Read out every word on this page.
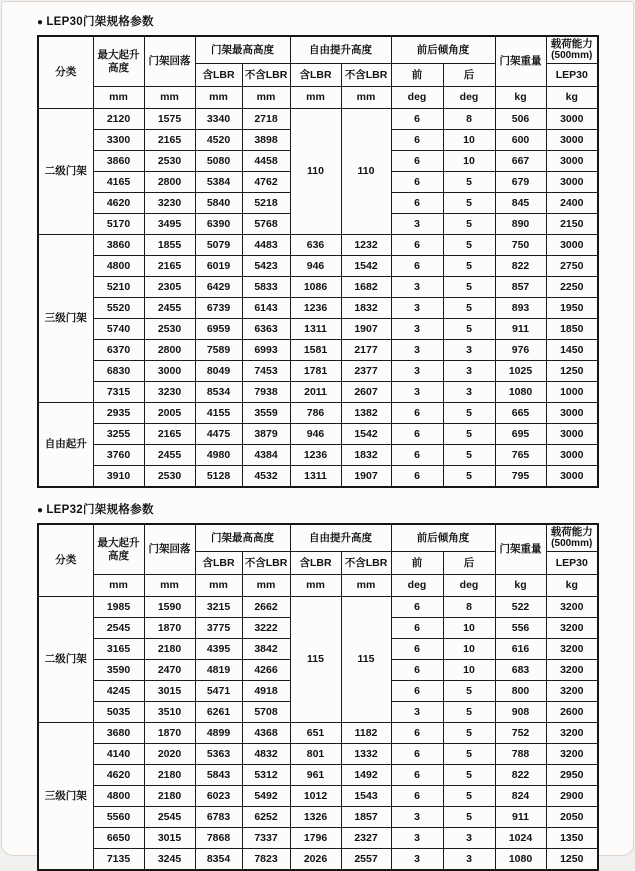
● LEP30门架规格参数
分类	最大起升高度	门架回落	门架最高高度		自由提升高度		前后倾角度		门架重量	载荷能力
(500mm)

			含LBR	不含LBR	含LBR	不含LBR	前	后		LEP30
	mm	mm	mm	mm	mm	mm	deg	deg	kg	kg
二级门架	2120	1575	3340	2718	110	110	6	8	506	3000
	3300	2165	4520	3898			6	10	600	3000
	3860	2530	5080	4458			6	10	667	3000
	4165	2800	5384	4762			6	5	679	3000
	4620	3230	5840	5218			6	5	845	2400
	5170	3495	6390	5768			3	5	890	2150
三级门架	3860	1855	5079	4483	636	1232	6	5	750	3000
	4800	2165	6019	5423	946	1542	6	5	822	2750
	5210	2305	6429	5833	1086	1682	3	5	857	2250
	5520	2455	6739	6143	1236	1832	3	5	893	1950
	5740	2530	6959	6363	1311	1907	3	5	911	1850
	6370	2800	7589	6993	1581	2177	3	3	976	1450
	6830	3000	8049	7453	1781	2377	3	3	1025	1250
	7315	3230	8534	7938	2011	2607	3	3	1080	1000
自由起升	2935	2005	4155	3559	786	1382	6	5	665	3000
	3255	2165	4475	3879	946	1542	6	5	695	3000
	3760	2455	4980	4384	1236	1832	6	5	765	3000
	3910	2530	5128	4532	1311	1907	6	5	795	3000
● LEP32门架规格参数
分类	最大起升高度	门架回落	门架最高高度		自由提升高度		前后倾角度		门架重量	载荷能力
(500mm)

			含LBR	不含LBR	含LBR	不含LBR	前	后		LEP30
	mm	mm	mm	mm	mm	mm	deg	deg	kg	kg
二级门架	1985	1590	3215	2662	115	115	6	8	522	3200
	2545	1870	3775	3222			6	10	556	3200
	3165	2180	4395	3842			6	10	616	3200
	3590	2470	4819	4266			6	10	683	3200
	4245	3015	5471	4918			6	5	800	3200
	5035	3510	6261	5708			3	5	908	2600
三级门架	3680	1870	4899	4368	651	1182	6	5	752	3200
	4140	2020	5363	4832	801	1332	6	5	788	3200
	4620	2180	5843	5312	961	1492	6	5	822	2950
	4800	2180	6023	5492	1012	1543	6	5	824	2900
	5560	2545	6783	6252	1326	1857	3	5	911	2050
	6650	3015	7868	7337	1796	2327	3	3	1024	1350
	7135	3245	8354	7823	2026	2557	3	3	1080	1250
